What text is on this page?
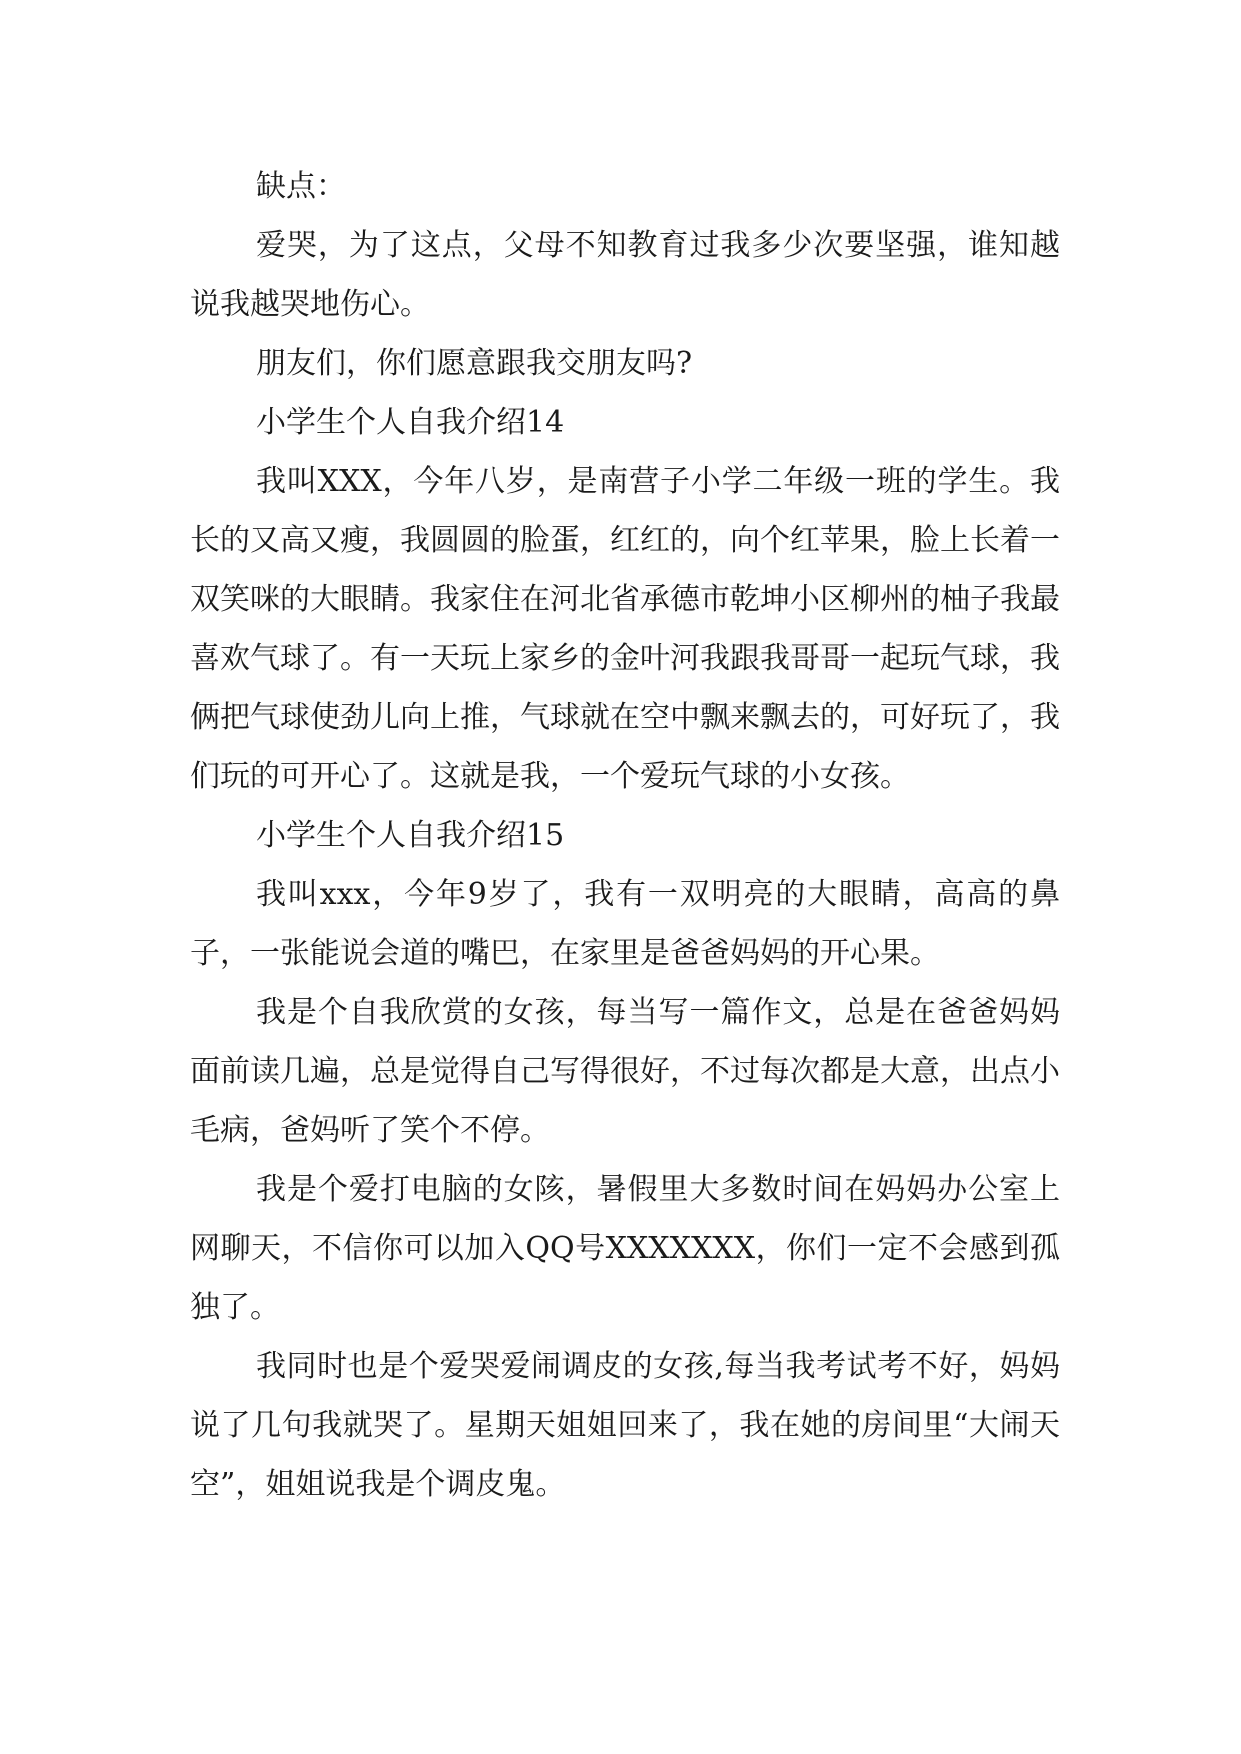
缺点：

爱哭，为了这点，父母不知教育过我多少次要坚强，谁知越说我越哭地伤心。

朋友们，你们愿意跟我交朋友吗?

小学生个人自我介绍14

我叫XXX，今年八岁，是南营子小学二年级一班的学生。我长的又高又瘦，我圆圆的脸蛋，红红的，向个红苹果，脸上长着一双笑咪的大眼睛。我家住在河北省承德市乾坤小区柳州的柚子我最喜欢气球了。有一天玩上家乡的金叶河我跟我哥哥一起玩气球，我俩把气球使劲儿向上推，气球就在空中飘来飘去的，可好玩了，我们玩的可开心了。这就是我，一个爱玩气球的小女孩。

小学生个人自我介绍15

我叫xxx，今年9岁了，我有一双明亮的大眼睛，高高的鼻子，一张能说会道的嘴巴，在家里是爸爸妈妈的开心果。

我是个自我欣赏的女孩，每当写一篇作文，总是在爸爸妈妈面前读几遍，总是觉得自己写得很好，不过每次都是大意，出点小毛病，爸妈听了笑个不停。

我是个爱打电脑的女陔，暑假里大多数时间在妈妈办公室上网聊天，不信你可以加入QQ号XXXXXXX，你们一定不会感到孤独了。

我同时也是个爱哭爱闹调皮的女孩,每当我考试考不好，妈妈说了几句我就哭了。星期天姐姐回来了，我在她的房间里“大闹天空”，姐姐说我是个调皮鬼。
